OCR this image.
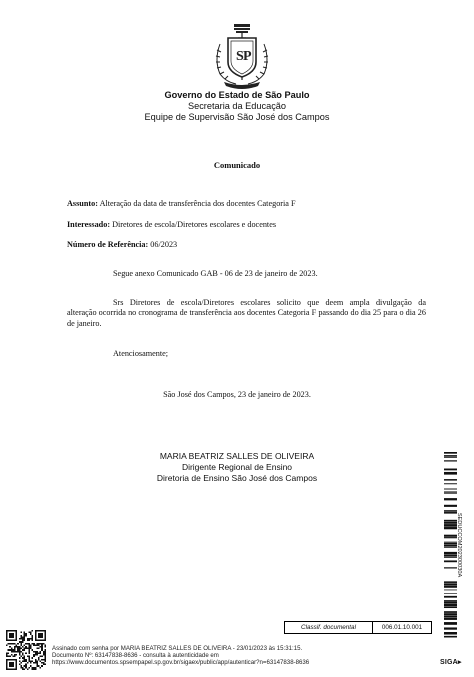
S P
Governo do Estado de São Paulo
Secretaria da Educação
Equipe de Supervisão São José dos Campos
Comunicado
Assunto: Alteração da data de transferência dos docentes Categoria F
Interessado: Diretores de escola/Diretores escolares e docentes
Número de Referência: 06/2023
Segue anexo Comunicado GAB - 06 de 23 de janeiro de 2023.
Srs Diretores de escola/Diretores escolares solicito que deem ampla divulgação da
alteração ocorrida no cronograma de transferência aos docentes Categoria F passando do dia 25 para o dia 26 de janeiro.
Atenciosamente;
São José dos Campos, 23 de janeiro de 2023.
MARIA BEATRIZ SALLES DE OLIVEIRA
Dirigente Regional de Ensino
Diretoria de Ensino São José dos Campos
SEDUCCOM202300030A
Classif. documental	006.01.10.001
Assinado com senha por MARIA BEATRIZ SALLES DE OLIVEIRA - 23/01/2023 às 15:31:15.
Documento Nº: 63147838-8636 - consulta à autenticidade em
https://www.documentos.spsempapel.sp.gov.br/sigaex/public/app/autenticar?n=63147838-8636	SIGA▸
